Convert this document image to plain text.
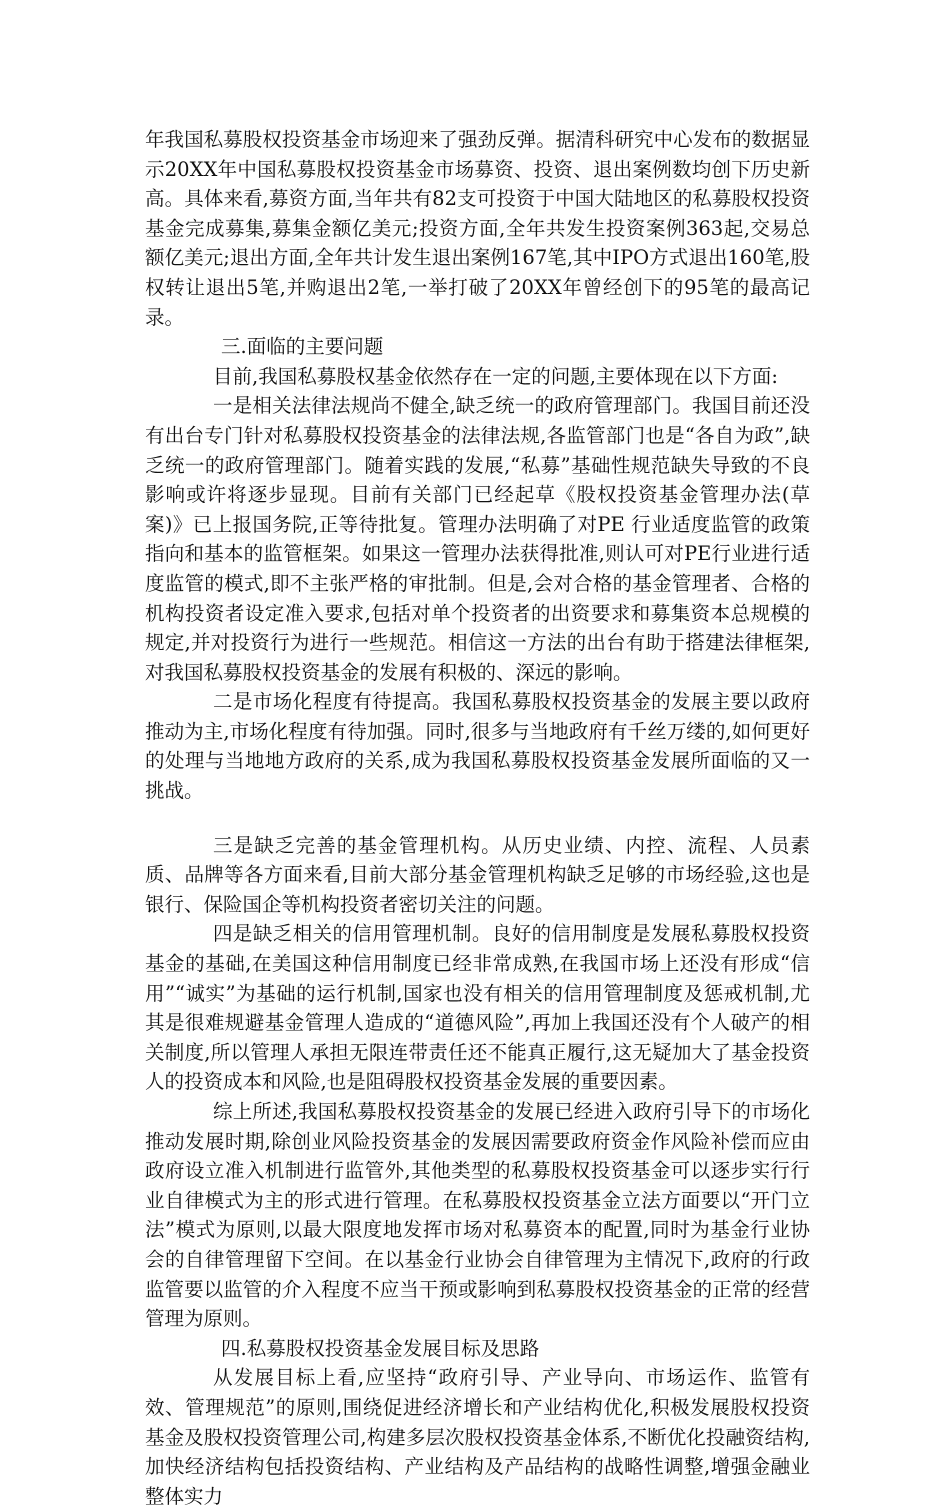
年我国私募股权投资基金市场迎来了强劲反弹。据清科研究中心发布的数据显示20XX年中国私募股权投资基金市场募资、投资、退出案例数均创下历史新高。具体来看,募资方面,当年共有82支可投资于中国大陆地区的私募股权投资基金完成募集,募集金额亿美元;投资方面,全年共发生投资案例363起,交易总额亿美元;退出方面,全年共计发生退出案例167笔,其中IPO方式退出160笔,股权转让退出5笔,并购退出2笔,一举打破了20XX年曾经创下的95笔的最高记录。

三.面临的主要问题

目前,我国私募股权基金依然存在一定的问题,主要体现在以下方面:

一是相关法律法规尚不健全,缺乏统一的政府管理部门。我国目前还没有出台专门针对私募股权投资基金的法律法规,各监管部门也是“各自为政”,缺乏统一的政府管理部门。随着实践的发展,“私募”基础性规范缺失导致的不良影响或许将逐步显现。目前有关部门已经起草《股权投资基金管理办法(草案)》已上报国务院,正等待批复。管理办法明确了对PE 行业适度监管的政策指向和基本的监管框架。如果这一管理办法获得批准,则认可对PE行业进行适度监管的模式,即不主张严格的审批制。但是,会对合格的基金管理者、合格的机构投资者设定准入要求,包括对单个投资者的出资要求和募集资本总规模的规定,并对投资行为进行一些规范。相信这一方法的出台有助于搭建法律框架,对我国私募股权投资基金的发展有积极的、深远的影响。

二是市场化程度有待提高。我国私募股权投资基金的发展主要以政府推动为主,市场化程度有待加强。同时,很多与当地政府有千丝万缕的,如何更好的处理与当地地方政府的关系,成为我国私募股权投资基金发展所面临的又一挑战。

三是缺乏完善的基金管理机构。从历史业绩、内控、流程、人员素质、品牌等各方面来看,目前大部分基金管理机构缺乏足够的市场经验,这也是银行、保险国企等机构投资者密切关注的问题。

四是缺乏相关的信用管理机制。良好的信用制度是发展私募股权投资基金的基础,在美国这种信用制度已经非常成熟,在我国市场上还没有形成“信用”“诚实”为基础的运行机制,国家也没有相关的信用管理制度及惩戒机制,尤其是很难规避基金管理人造成的“道德风险”,再加上我国还没有个人破产的相关制度,所以管理人承担无限连带责任还不能真正履行,这无疑加大了基金投资人的投资成本和风险,也是阻碍股权投资基金发展的重要因素。

综上所述,我国私募股权投资基金的发展已经进入政府引导下的市场化推动发展时期,除创业风险投资基金的发展因需要政府资金作风险补偿而应由政府设立准入机制进行监管外,其他类型的私募股权投资基金可以逐步实行行业自律模式为主的形式进行管理。在私募股权投资基金立法方面要以“开门立法”模式为原则,以最大限度地发挥市场对私募资本的配置,同时为基金行业协会的自律管理留下空间。在以基金行业协会自律管理为主情况下,政府的行政监管要以监管的介入程度不应当干预或影响到私募股权投资基金的正常的经营管理为原则。

四.私募股权投资基金发展目标及思路

从发展目标上看,应坚持“政府引导、产业导向、市场运作、监管有效、管理规范”的原则,围绕促进经济增长和产业结构优化,积极发展股权投资基金及股权投资管理公司,构建多层次股权投资基金体系,不断优化投融资结构,加快经济结构包括投资结构、产业结构及产品结构的战略性调整,增强金融业整体实力
